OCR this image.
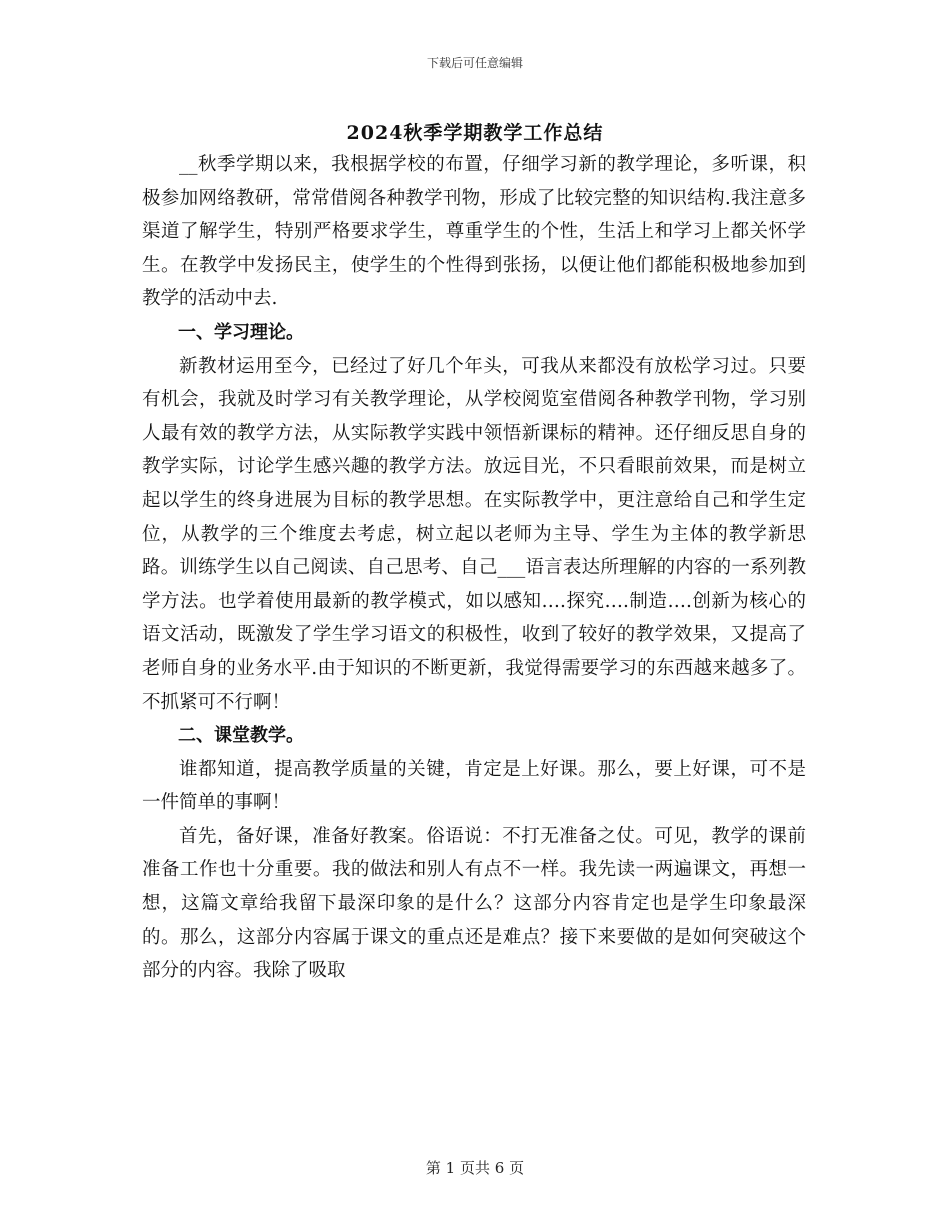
下载后可任意编辑
2024秋季学期教学工作总结

__秋季学期以来，我根据学校的布置，仔细学习新的教学理论，多听课，积极参加网络教研，常常借阅各种教学刊物，形成了比较完整的知识结构.我注意多渠道了解学生，特别严格要求学生，尊重学生的个性，生活上和学习上都关怀学生。在教学中发扬民主，使学生的个性得到张扬，以便让他们都能积极地参加到教学的活动中去.

一、学习理论。

新教材运用至今，已经过了好几个年头，可我从来都没有放松学习过。只要有机会，我就及时学习有关教学理论，从学校阅览室借阅各种教学刊物，学习别人最有效的教学方法，从实际教学实践中领悟新课标的精神。还仔细反思自身的教学实际，讨论学生感兴趣的教学方法。放远目光，不只看眼前效果，而是树立起以学生的终身进展为目标的教学思想。在实际教学中，更注意给自己和学生定位，从教学的三个维度去考虑，树立起以老师为主导、学生为主体的教学新思路。训练学生以自己阅读、自己思考、自己___语言表达所理解的内容的一系列教学方法。也学着使用最新的教学模式，如以感知….探究….制造….创新为核心的语文活动，既激发了学生学习语文的积极性，收到了较好的教学效果，又提高了老师自身的业务水平.由于知识的不断更新，我觉得需要学习的东西越来越多了。不抓紧可不行啊！

二、课堂教学。

谁都知道，提高教学质量的关键，肯定是上好课。那么，要上好课，可不是一件简单的事啊！

首先，备好课，准备好教案。俗语说：不打无准备之仗。可见，教学的课前准备工作也十分重要。我的做法和别人有点不一样。我先读一两遍课文，再想一想，这篇文章给我留下最深印象的是什么？这部分内容肯定也是学生印象最深的。那么，这部分内容属于课文的重点还是难点？接下来要做的是如何突破这个部分的内容。我除了吸取

第 1 页共 6 页
